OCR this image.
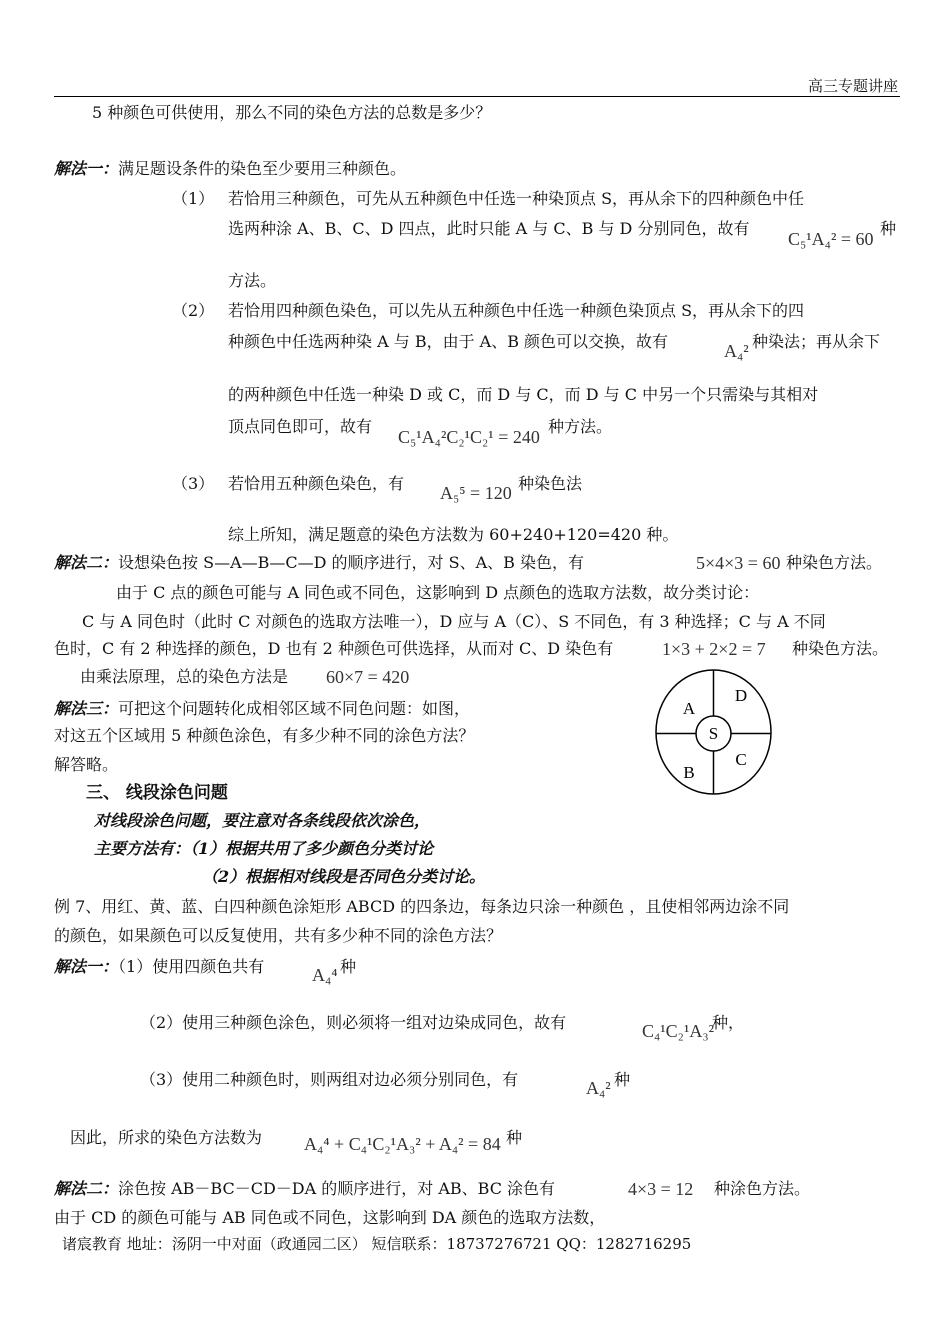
高三专题讲座
5 种颜色可供使用，那么不同的染色方法的总数是多少？
解法一：满足题设条件的染色至少要用三种颜色。
（1） 若恰用三种颜色，可先从五种颜色中任选一种染顶点 S，再从余下的四种颜色中任
选两种涂 A、B、C、D 四点，此时只能 A 与 C、B 与 D 分别同色，故有
C₅¹A₄² = 60
种
方法。
（2） 若恰用四种颜色染色，可以先从五种颜色中任选一种颜色染顶点 S，再从余下的四
种颜色中任选两种染 A 与 B，由于 A、B 颜色可以交换，故有	A₄² 种染法；再从余下
的两种颜色中任选一种染 D 或 C，而 D 与 C，而 D 与 C 中另一个只需染与其相对
顶点同色即可，故有
C₅¹A₄²C₂¹C₂¹ = 240
种方法。
（3） 若恰用五种颜色染色，有 A₅⁵ = 120 种染色法
综上所知，满足题意的染色方法数为 60+240+120=420 种。
解法二：设想染色按 S—A—B—C—D 的顺序进行，对 S、A、B 染色，有	5×4×3 = 60 种染色方法。
由于 C 点的颜色可能与 A 同色或不同色，这影响到 D 点颜色的选取方法数，故分类讨论：
C 与 A 同色时（此时 C 对颜色的选取方法唯一），D 应与 A（C）、S 不同色，有 3 种选择；C 与 A 不同
色时，C 有 2 种选择的颜色，D 也有 2 种颜色可供选择，从而对 C、D 染色有	1×3 + 2×2 = 7 种染色方法。
由乘法原理，总的染色方法是 60×7 = 420
解法三：可把这个问题转化成相邻区域不同色问题：如图，
对这五个区域用 5 种颜色涂色，有多少种不同的涂色方法？
解答略。
A
D
S
B
C
三、 线段涂色问题
对线段涂色问题，要注意对各条线段依次涂色，
主要方法有：（1）根据共用了多少颜色分类讨论
（2）根据相对线段是否同色分类讨论。
例 7、用红、黄、蓝、白四种颜色涂矩形 ABCD 的四条边，每条边只涂一种颜色 ，且使相邻两边涂不同
的颜色，如果颜色可以反复使用，共有多少种不同的涂色方法？
解法一：（1）使用四颜色共有	A₄⁴ 种
（2）使用三种颜色涂色，则必须将一组对边染成同色，故有	C₄¹C₂¹A₃²
种，
（3）使用二种颜色时，则两组对边必须分别同色，有	A₄² 种
因此，所求的染色方法数为 A₄⁴ + C₄¹C₂¹A₃² + A₄² = 84 种
解法二：涂色按 AB－BC－CD－DA 的顺序进行，对 AB、BC 涂色有	4×3 = 12 种涂色方法。
由于 CD 的颜色可能与 AB 同色或不同色，这影响到 DA 颜色的选取方法数，
诸宸教育 地址：汤阴一中对面（政通园二区） 短信联系：18737276721 QQ：1282716295
